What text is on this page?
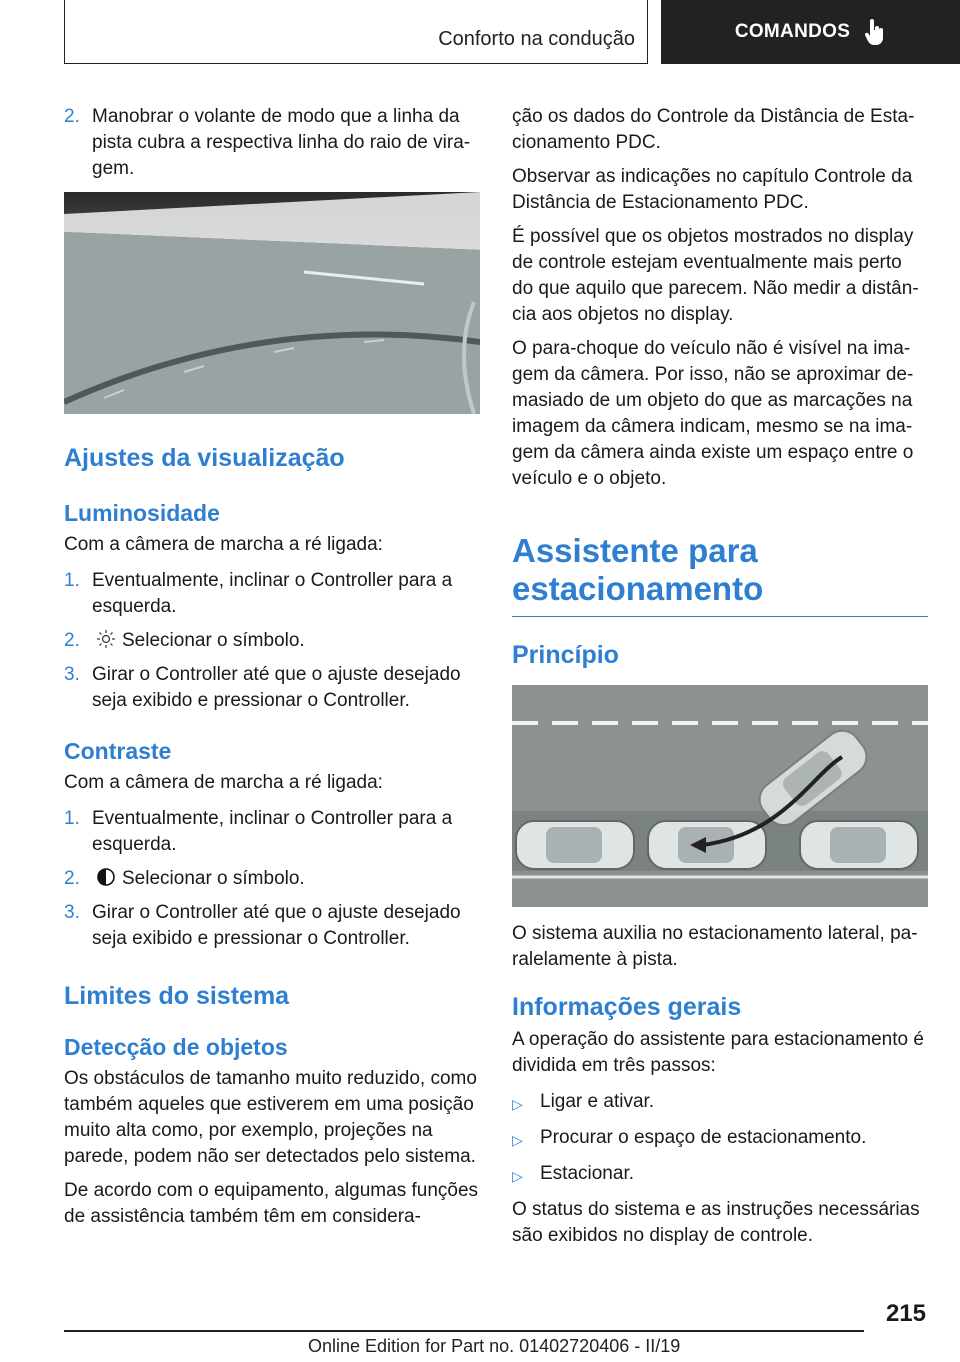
Conforto na condução	COMANDOS
2. Manobrar o volante de modo que a linha da pista cubra a respectiva linha do raio de viragem.
Ajustes da visualização
Luminosidade

Com a câmera de marcha a ré ligada:

1. Eventualmente, inclinar o Controller para a esquerda.
2.	Selecionar o símbolo.
3. Girar o Controller até que o ajuste desejado seja exibido e pressionar o Controller.
Contraste

Com a câmera de marcha a ré ligada:

1. Eventualmente, inclinar o Controller para a esquerda.
2.	Selecionar o símbolo.
3. Girar o Controller até que o ajuste desejado seja exibido e pressionar o Controller.
Limites do sistema
Detecção de objetos

Os obstáculos de tamanho muito reduzido, como também aqueles que estiverem em uma posição muito alta como, por exemplo, projeções na parede, podem não ser detectados pelo sistema.

De acordo com o equipamento, algumas funções de assistência também têm em considera-

ção os dados do Controle da Distância de Estacionamento PDC.

Observar as indicações no capítulo Controle da Distância de Estacionamento PDC.

É possível que os objetos mostrados no display de controle estejam eventualmente mais perto do que aquilo que parecem. Não medir a distância aos objetos no display.

O para-choque do veículo não é visível na imagem da câmera. Por isso, não se aproximar demasiado de um objeto do que as marcações na imagem da câmera indicam, mesmo se na imagem da câmera ainda existe um espaço entre o veículo e o objeto.

Assistente para estacionamento
Princípio

O sistema auxilia no estacionamento lateral, paralelamente à pista.

Informações gerais

A operação do assistente para estacionamento é dividida em três passos:

▷ Ligar e ativar.
▷ Procurar o espaço de estacionamento.
▷ Estacionar.

O status do sistema e as instruções necessárias são exibidos no display de controle.

215
Online Edition for Part no. 01402720406 - II/19
